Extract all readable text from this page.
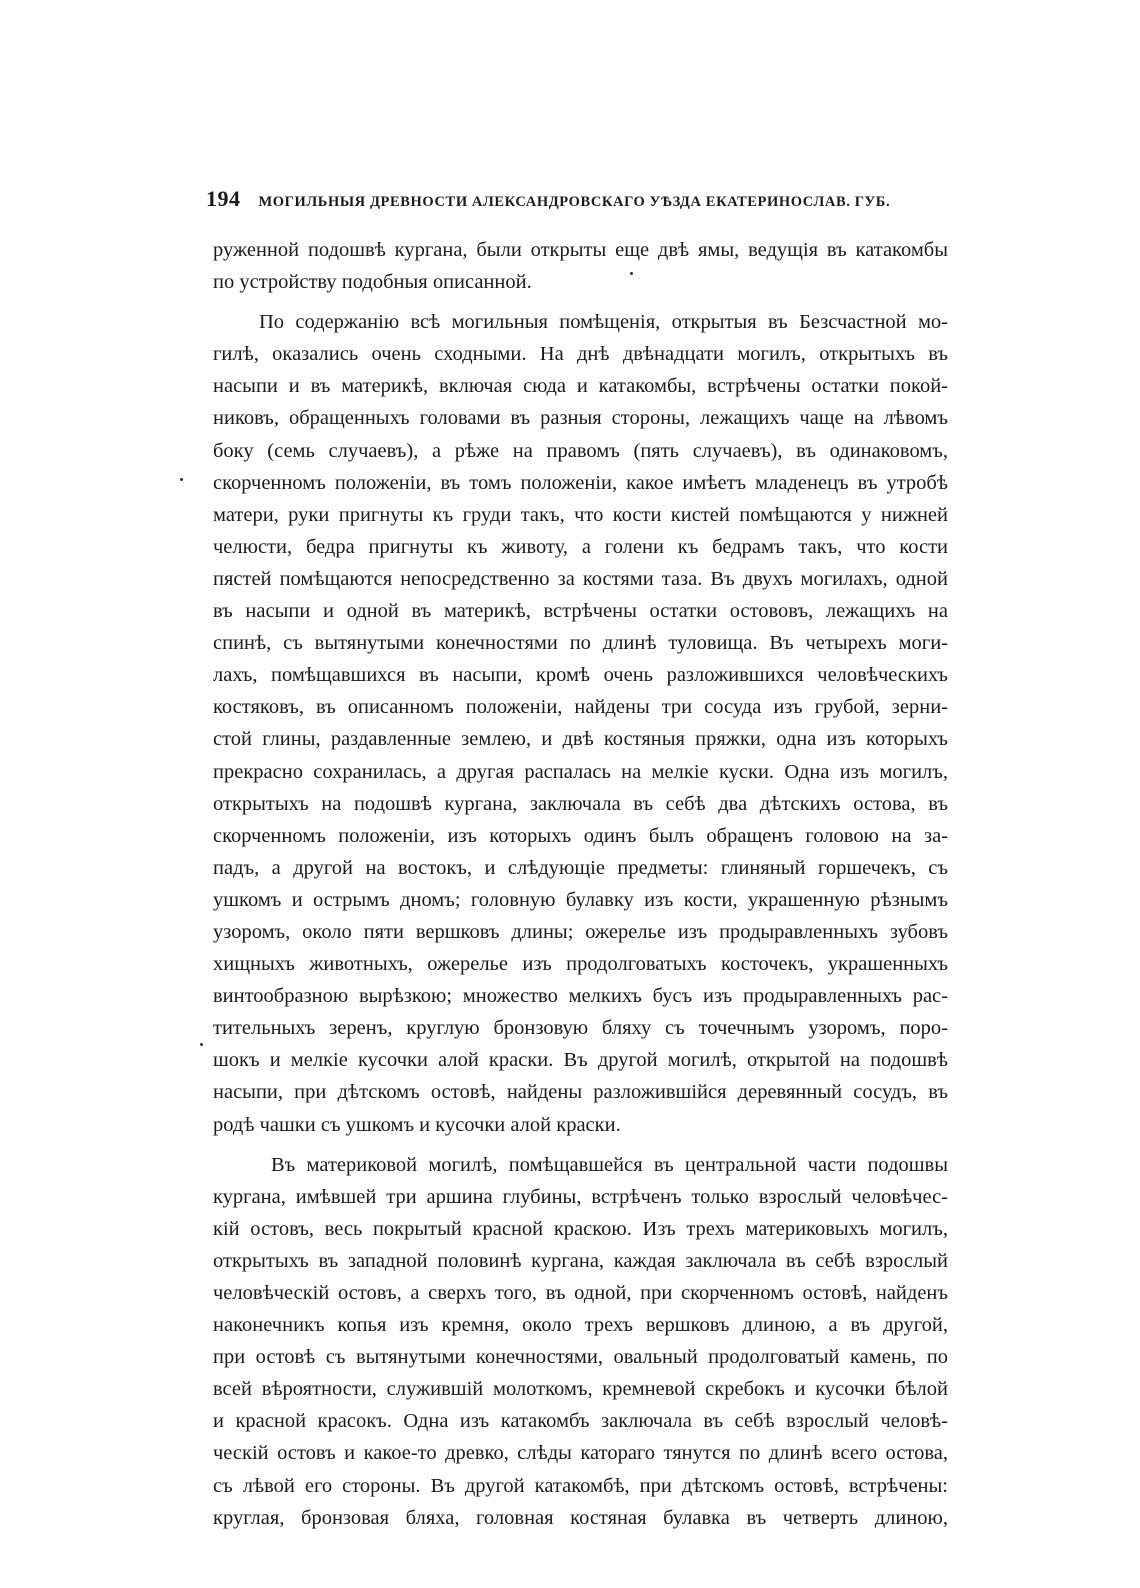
194 МОГИЛЬНЫЯ ДРЕВНОСТИ АЛЕКСАНДРОВСКАГО УѢЗДА ЕКАТЕРИНОСЛАВ. ГУБ.
руженной подошвѣ кургана, были открыты еще двѣ ямы, ведущія въ катакомбы
по устройству подобныя описанной.
По содержанію всѣ могильныя помѣщенія, открытыя въ Безсчастной мо-
гилѣ, оказались очень сходными. На днѣ двѣнадцати могилъ, открытыхъ въ
насыпи и въ материкѣ, включая сюда и катакомбы, встрѣчены остатки покой-
никовъ, обращенныхъ головами въ разныя стороны, лежащихъ чаще на лѣвомъ
боку (семь случаевъ), а рѣже на правомъ (пять случаевъ), въ одинаковомъ,
скорченномъ положеніи, въ томъ положеніи, какое имѣетъ младенецъ въ утробѣ
матери, руки пригнуты къ груди такъ, что кости кистей помѣщаются у нижней
челюсти, бедра пригнуты къ животу, а голени къ бедрамъ такъ, что кости
пястей помѣщаются непосредственно за костями таза. Въ двухъ могилахъ, одной
въ насыпи и одной въ материкѣ, встрѣчены остатки остововъ, лежащихъ на
спинѣ, съ вытянутыми конечностями по длинѣ туловища. Въ четырехъ моги-
лахъ, помѣщавшихся въ насыпи, кромѣ очень разложившихся человѣческихъ
костяковъ, въ описанномъ положеніи, найдены три сосуда изъ грубой, зерни-
стой глины, раздавленные землею, и двѣ костяныя пряжки, одна изъ которыхъ
прекрасно сохранилась, а другая распалась на мелкіе куски. Одна изъ могилъ,
открытыхъ на подошвѣ кургана, заключала въ себѣ два дѣтскихъ остова, въ
скорченномъ положеніи, изъ которыхъ одинъ былъ обращенъ головою на за-
падъ, а другой на востокъ, и слѣдующіе предметы: глиняный горшечекъ, съ
ушкомъ и острымъ дномъ; головную булавку изъ кости, украшенную рѣзнымъ
узоромъ, около пяти вершковъ длины; ожерелье изъ продыравленныхъ зубовъ
хищныхъ животныхъ, ожерелье изъ продолговатыхъ косточекъ, украшенныхъ
винтообразною вырѣзкою; множество мелкихъ бусъ изъ продыравленныхъ рас-
тительныхъ зеренъ, круглую бронзовую бляху съ точечнымъ узоромъ, поро-
шокъ и мелкіе кусочки алой краски. Въ другой могилѣ, открытой на подошвѣ
насыпи, при дѣтскомъ остовѣ, найдены разложившійся деревянный сосудъ, въ
родѣ чашки съ ушкомъ и кусочки алой краски.
Въ материковой могилѣ, помѣщавшейся въ центральной части подошвы
кургана, имѣвшей три аршина глубины, встрѣченъ только взрослый человѣчес-
кій остовъ, весь покрытый красной краскою. Изъ трехъ материковыхъ могилъ,
открытыхъ въ западной половинѣ кургана, каждая заключала въ себѣ взрослый
человѣческій остовъ, а сверхъ того, въ одной, при скорченномъ остовѣ, найденъ
наконечникъ копья изъ кремня, около трехъ вершковъ длиною, а въ другой,
при остовѣ съ вытянутыми конечностями, овальный продолговатый камень, по
всей вѣроятности, служившій молоткомъ, кремневой скребокъ и кусочки бѣлой
и красной красокъ. Одна изъ катакомбъ заключала въ себѣ взрослый человѣ-
ческій остовъ и какое-то древко, слѣды катораго тянутся по длинѣ всего остова,
съ лѣвой его стороны. Въ другой катакомбѣ, при дѣтскомъ остовѣ, встрѣчены:
круглая, бронзовая бляха, головная костяная булавка въ четверть длиною,
